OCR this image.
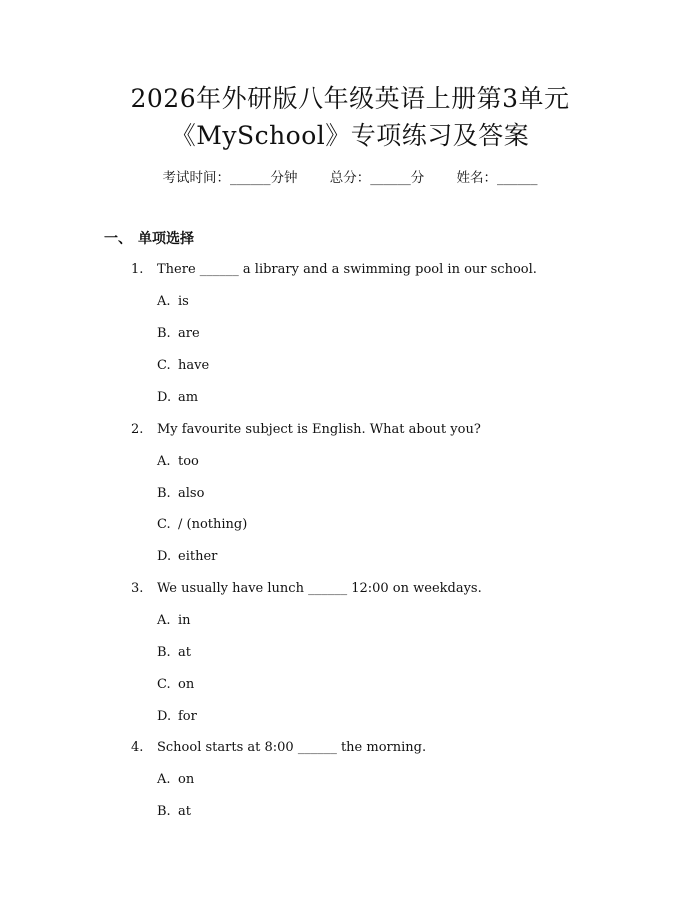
2026年外研版八年级英语上册第3单元
《MySchool》专项练习及答案
考试时间：______分钟 总分：______分 姓名：______
一、 单项选择
1. There ______ a library and a swimming pool in our school.
A. is
B. are
C. have
D. am
2. My favourite subject is English. What about you?
A. too
B. also
C. / (nothing)
D. either
3. We usually have lunch ______ 12:00 on weekdays.
A. in
B. at
C. on
D. for
4. School starts at 8:00 ______ the morning.
A. on
B. at
